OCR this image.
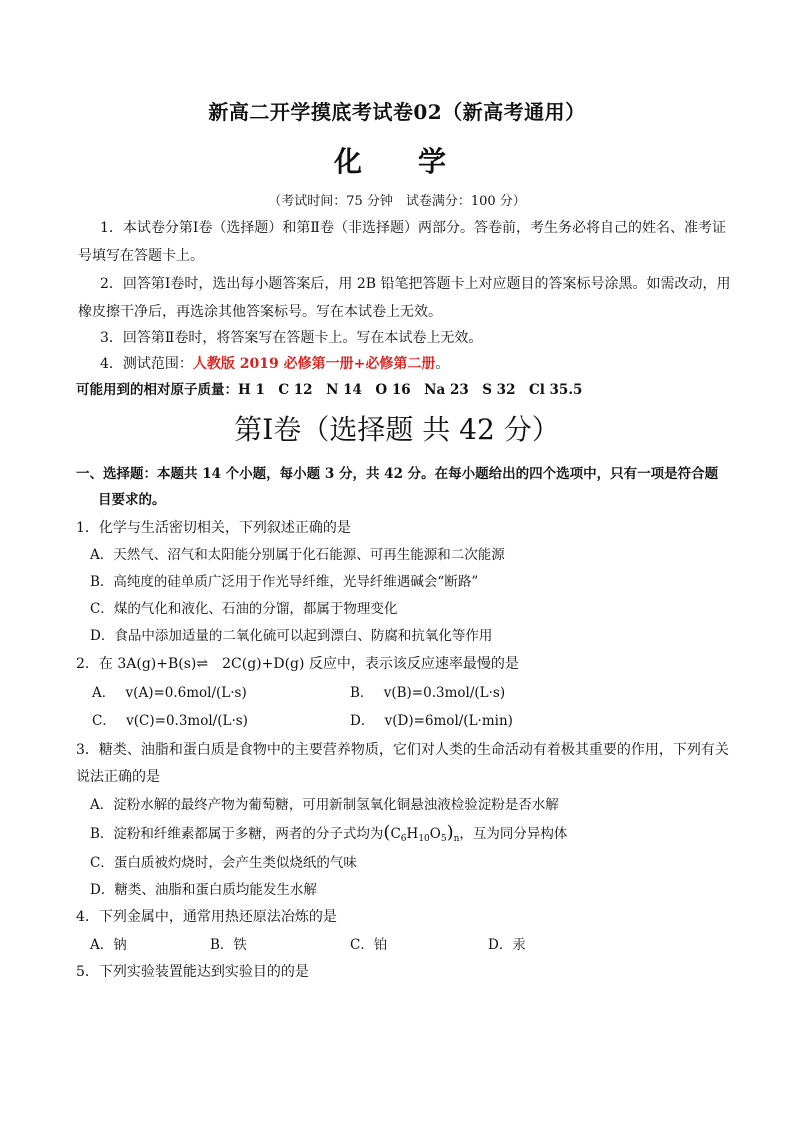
新高二开学摸底考试卷02（新高考通用）
化　学
（考试时间：75 分钟　试卷满分：100 分）
1．本试卷分第Ⅰ卷（选择题）和第Ⅱ卷（非选择题）两部分。答卷前，考生务必将自己的姓名、准考证
号填写在答题卡上。
2．回答第Ⅰ卷时，选出每小题答案后，用 2B 铅笔把答题卡上对应题目的答案标号涂黑。如需改动，用
橡皮擦干净后，再选涂其他答案标号。写在本试卷上无效。
3．回答第Ⅱ卷时，将答案写在答题卡上。写在本试卷上无效。
4．测试范围：人教版 2019 必修第一册+必修第二册。
可能用到的相对原子质量：H 1　C 12　N 14　O 16　Na 23　S 32　Cl 35.5
第I卷（选择题 共 42 分）
一、选择题：本题共 14 个小题，每小题 3 分，共 42 分。在每小题给出的四个选项中，只有一项是符合题
目要求的。
1．化学与生活密切相关，下列叙述正确的是
A．天然气、沼气和太阳能分别属于化石能源、可再生能源和二次能源
B．高纯度的硅单质广泛用于作光导纤维，光导纤维遇碱会“断路”
C．煤的气化和液化、石油的分馏，都属于物理变化
D．食品中添加适量的二氧化硫可以起到漂白、防腐和抗氧化等作用
2．在 3A(g)+B(s)⇌　2C(g)+D(g) 反应中，表示该反应速率最慢的是
A． v(A)=0.6mol/(L·s)	B． v(B)=0.3mol/(L·s)
C． v(C)=0.3mol/(L·s)	D． v(D)=6mol/(L·min)
3．糖类、油脂和蛋白质是食物中的主要营养物质，它们对人类的生命活动有着极其重要的作用，下列有关
说法正确的是
A．淀粉水解的最终产物为葡萄糖，可用新制氢氧化铜悬浊液检验淀粉是否水解
B．淀粉和纤维素都属于多糖，两者的分子式均为$(C_6H_{10}O_5)_n$，互为同分异构体
C．蛋白质被灼烧时，会产生类似烧纸的气味
D．糖类、油脂和蛋白质均能发生水解
4．下列金属中，通常用热还原法冶炼的是
A．钠	B．铁	C．铂	D．汞
5．下列实验装置能达到实验目的的是
